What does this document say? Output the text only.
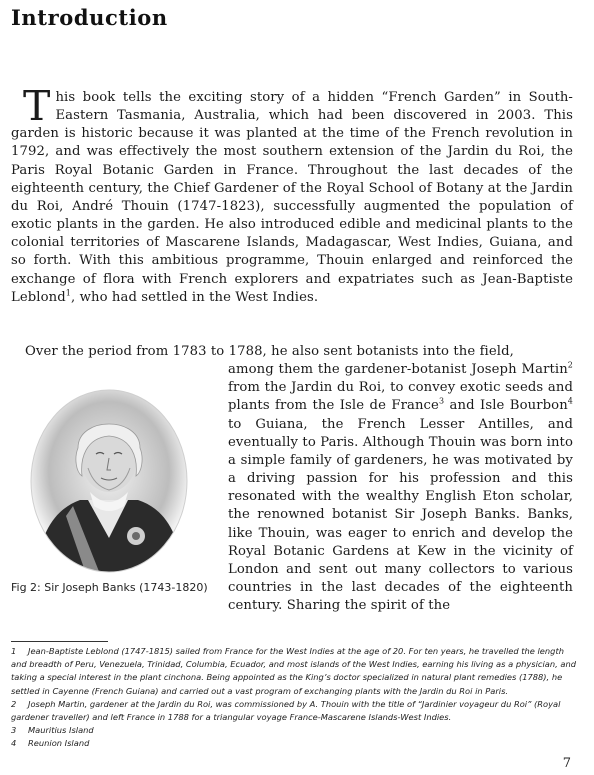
Introduction

This book tells the exciting story of a hidden “French Garden” in South-Eastern Tasmania, Australia, which had been discovered in 2003. This garden is historic because it was planted at the time of the French revolution in 1792, and was effectively the most southern extension of the Jardin du Roi, the Paris Royal Botanic Garden in France. Throughout the last decades of the eighteenth century, the Chief Gardener of the Royal School of Botany at the Jardin du Roi, André Thouin (1747-1823), successfully augmented the population of exotic plants in the garden. He also introduced edible and medicinal plants to the colonial territories of Mascarene Islands, Madagascar, West Indies, Guiana, and so forth. With this ambitious programme, Thouin enlarged and reinforced the exchange of flora with French explorers and expatriates such as Jean-Baptiste Leblond$^1$, who had settled in the West Indies.

Over the period from 1783 to 1788, he also sent botanists into the field,
among them the gardener-botanist Joseph Martin$^2$ from the Jardin du Roi, to convey exotic seeds and plants from the Isle de France$^3$ and Isle Bourbon$^4$ to Guiana, the French Lesser Antilles, and eventually to Paris. Although Thouin was born into a simple family of gardeners, he was motivated by a driving passion for his profession and this resonated with the wealthy English Eton scholar, the renowned botanist Sir Joseph Banks. Banks, like Thouin, was eager to enrich and develop the Royal Botanic Gardens at Kew in the vicinity of London and sent out many collectors to various countries in the last decades of the eighteenth century. Sharing the spirit of the
Fig 2: Sir Joseph Banks (1743-1820)
1 Jean-Baptiste Leblond (1747-1815) sailed from France for the West Indies at the age of 20. For ten years, he travelled the length and breadth of Peru, Venezuela, Trinidad, Columbia, Ecuador, and most islands of the West Indies, earning his living as a physician, and taking a special interest in the plant cinchona. Being appointed as the King’s doctor specialized in natural plant remedies (1788), he settled in Cayenne (French Guiana) and carried out a vast program of exchanging plants with the Jardin du Roi in Paris.
2 Joseph Martin, gardener at the Jardin du Roi, was commissioned by A. Thouin with the title of “Jardinier voyageur du Roi” (Royal gardener traveller) and left France in 1788 for a triangular voyage France-Mascarene Islands-West Indies.
3 Mauritius Island
4 Reunion Island
7
